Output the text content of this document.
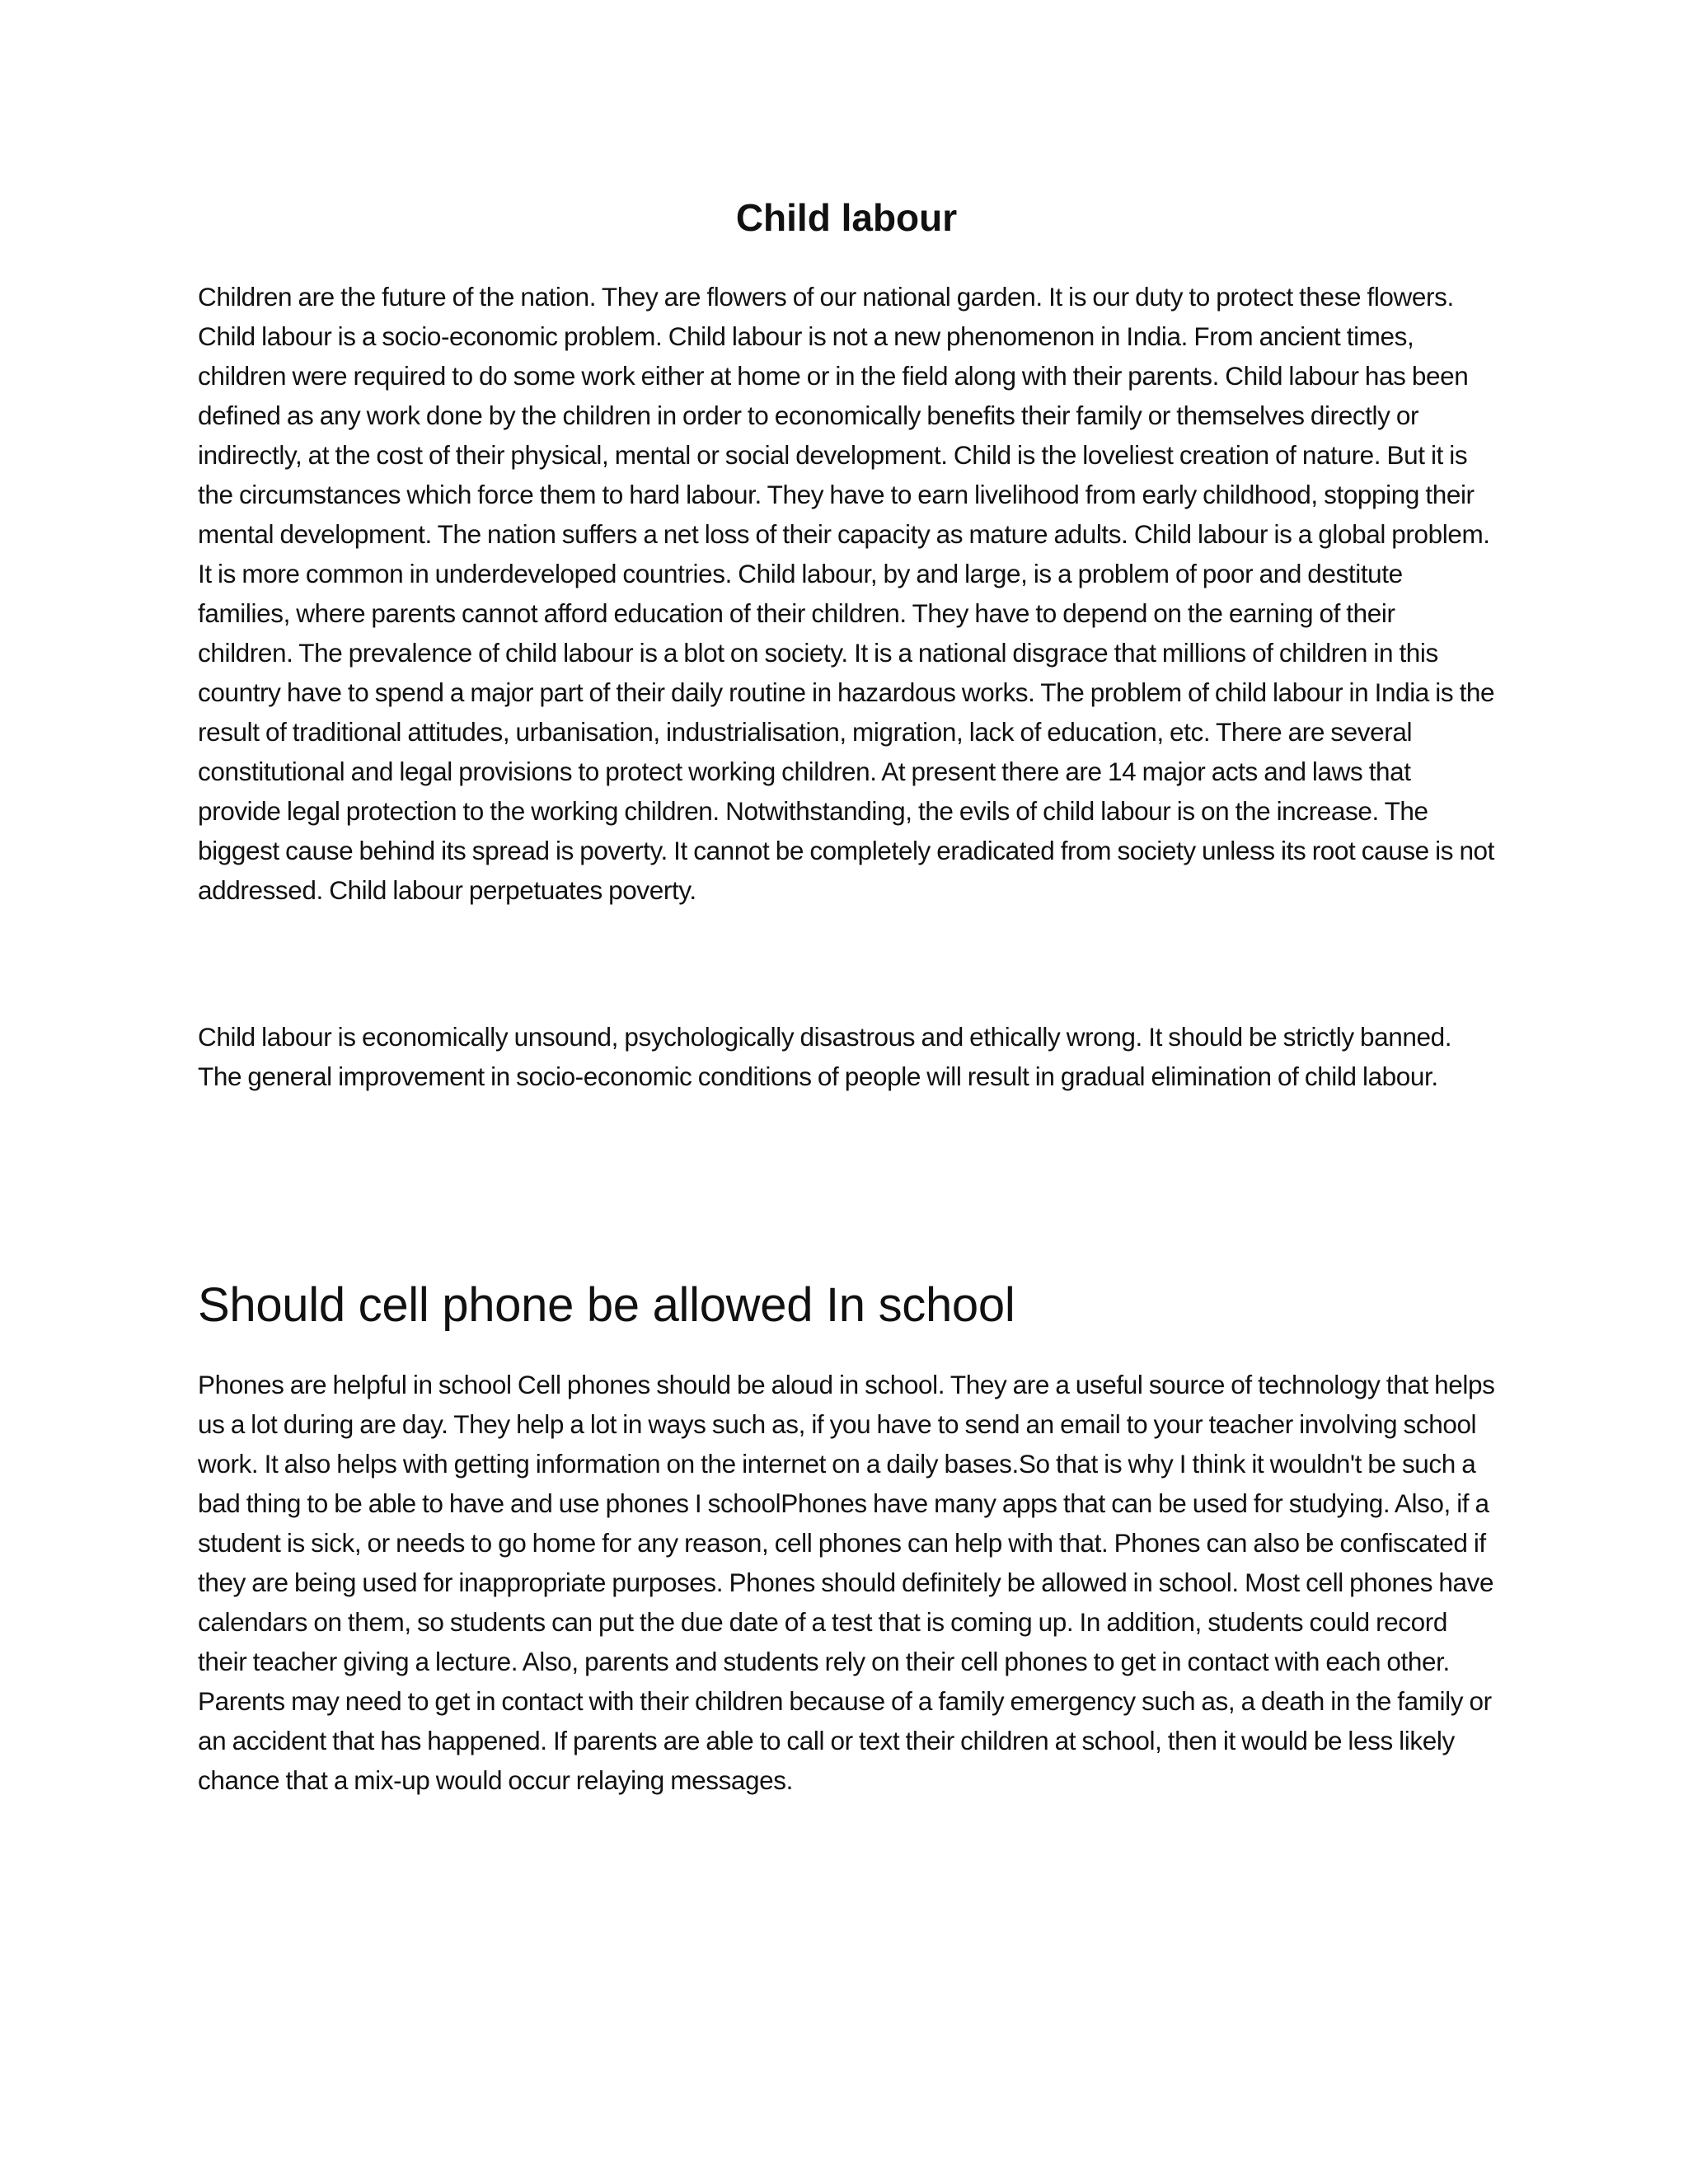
Child labour

Children are the future of the nation. They are flowers of our national garden. It is our duty to protect these flowers. Child labour is a socio-economic problem. Child labour is not a new phenomenon in India. From ancient times, children were required to do some work either at home or in the field along with their parents. Child labour has been defined as any work done by the children in order to economically benefits their family or themselves directly or indirectly, at the cost of their physical, mental or social development. Child is the loveliest creation of nature. But it is the circumstances which force them to hard labour. They have to earn livelihood from early childhood, stopping their mental development. The nation suffers a net loss of their capacity as mature adults. Child labour is a global problem. It is more common in underdeveloped countries. Child labour, by and large, is a problem of poor and destitute families, where parents cannot afford education of their children. They have to depend on the earning of their children. The prevalence of child labour is a blot on society. It is a national disgrace that millions of children in this country have to spend a major part of their daily routine in hazardous works. The problem of child labour in India is the result of traditional attitudes, urbanisation, industrialisation, migration, lack of education, etc. There are several constitutional and legal provisions to protect working children. At present there are 14 major acts and laws that provide legal protection to the working children. Notwithstanding, the evils of child labour is on the increase. The biggest cause behind its spread is poverty. It cannot be completely eradicated from society unless its root cause is not addressed. Child labour perpetuates poverty.

Child labour is economically unsound, psychologically disastrous and ethically wrong. It should be strictly banned. The general improvement in socio-economic conditions of people will result in gradual elimination of child labour.

Should cell phone be allowed In school

Phones are helpful in school Cell phones should be aloud in school. They are a useful source of technology that helps us a lot during are day. They help a lot in ways such as, if you have to send an email to your teacher involving school work. It also helps with getting information on the internet on a daily bases.So that is why I think it wouldn't be such a bad thing to be able to have and use phones I schoolPhones have many apps that can be used for studying. Also, if a student is sick, or needs to go home for any reason, cell phones can help with that. Phones can also be confiscated if they are being used for inappropriate purposes. Phones should definitely be allowed in school. Most cell phones have calendars on them, so students can put the due date of a test that is coming up. In addition, students could record their teacher giving a lecture. Also, parents and students rely on their cell phones to get in contact with each other. Parents may need to get in contact with their children because of a family emergency such as, a death in the family or an accident that has happened. If parents are able to call or text their children at school, then it would be less likely chance that a mix-up would occur relaying messages.
